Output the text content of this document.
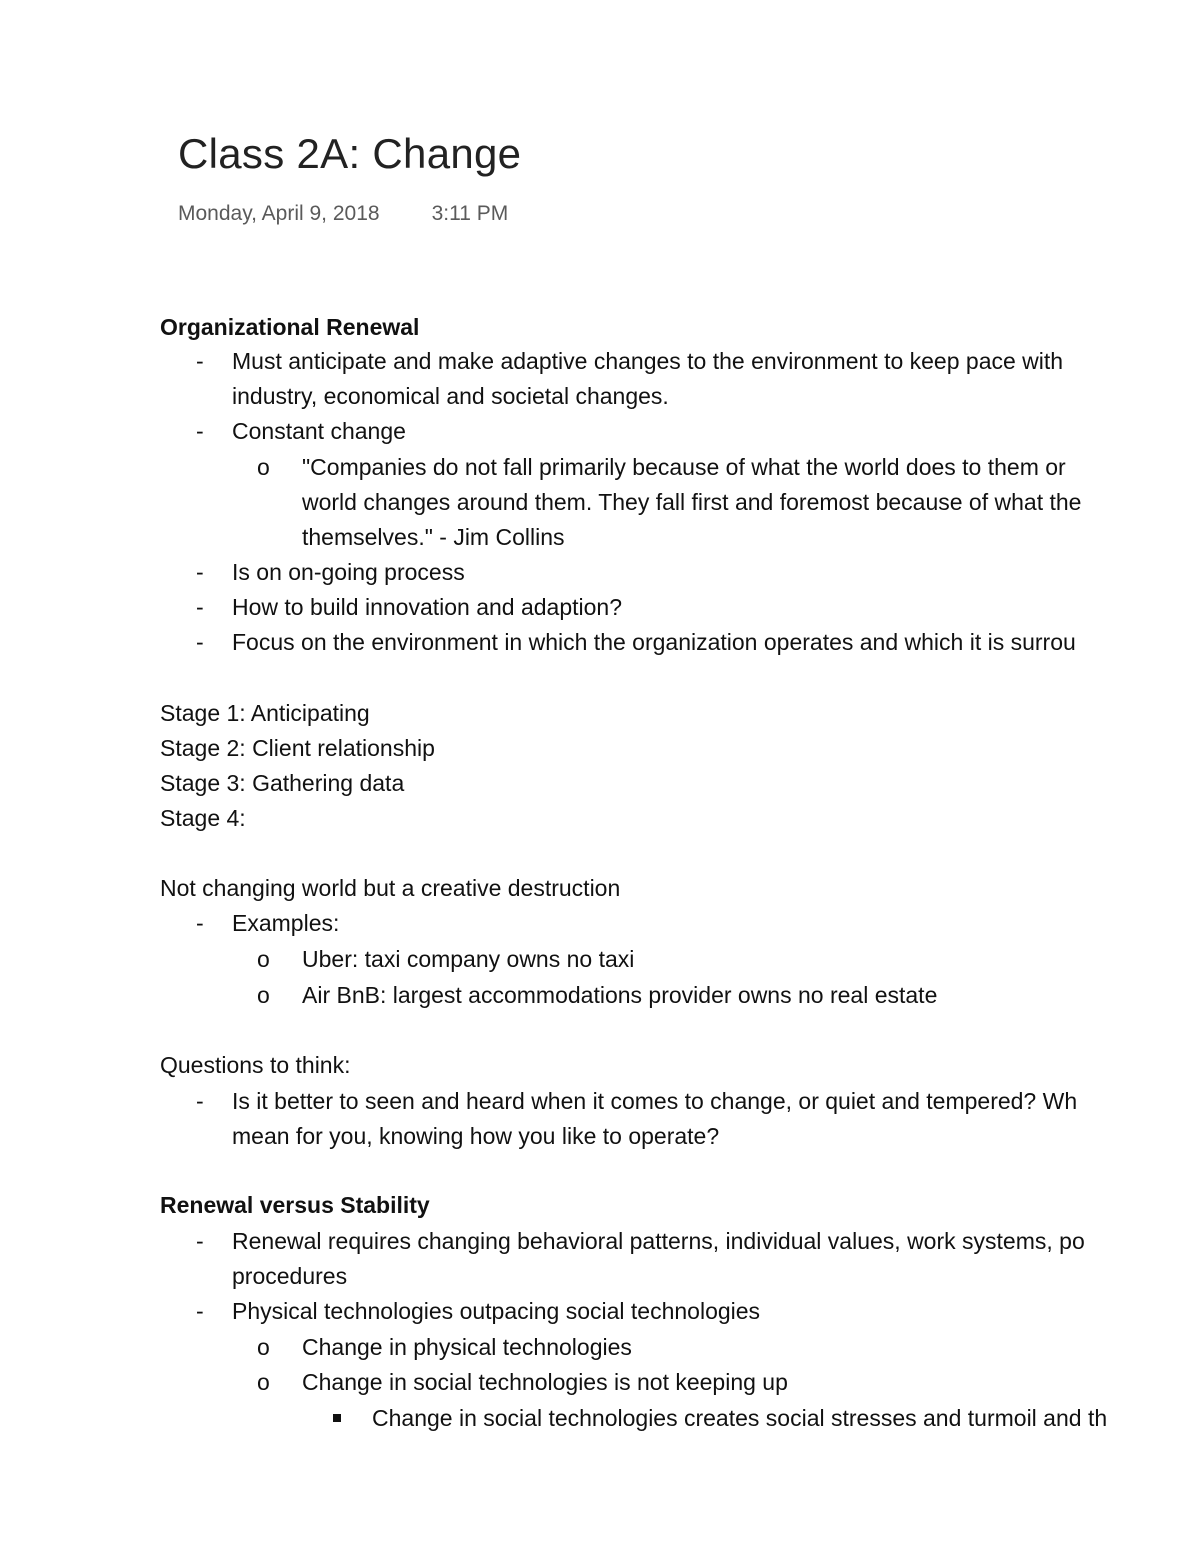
Class 2A: Change
Monday, April 9, 2018 3:11 PM
Organizational Renewal
- Must anticipate and make adaptive changes to the environment to keep pace with
industry, economical and societal changes.
- Constant change
o "Companies do not fall primarily because of what the world does to them or
world changes around them. They fall first and foremost because of what the
themselves." - Jim Collins
- Is on on-going process
- How to build innovation and adaption?
- Focus on the environment in which the organization operates and which it is surrou
Stage 1: Anticipating
Stage 2: Client relationship
Stage 3: Gathering data
Stage 4:
Not changing world but a creative destruction
- Examples:
o Uber: taxi company owns no taxi
o Air BnB: largest accommodations provider owns no real estate
Questions to think:
- Is it better to seen and heard when it comes to change, or quiet and tempered? Wh
mean for you, knowing how you like to operate?
Renewal versus Stability
- Renewal requires changing behavioral patterns, individual values, work systems, po
procedures
- Physical technologies outpacing social technologies
o Change in physical technologies
o Change in social technologies is not keeping up
Change in social technologies creates social stresses and turmoil and th
